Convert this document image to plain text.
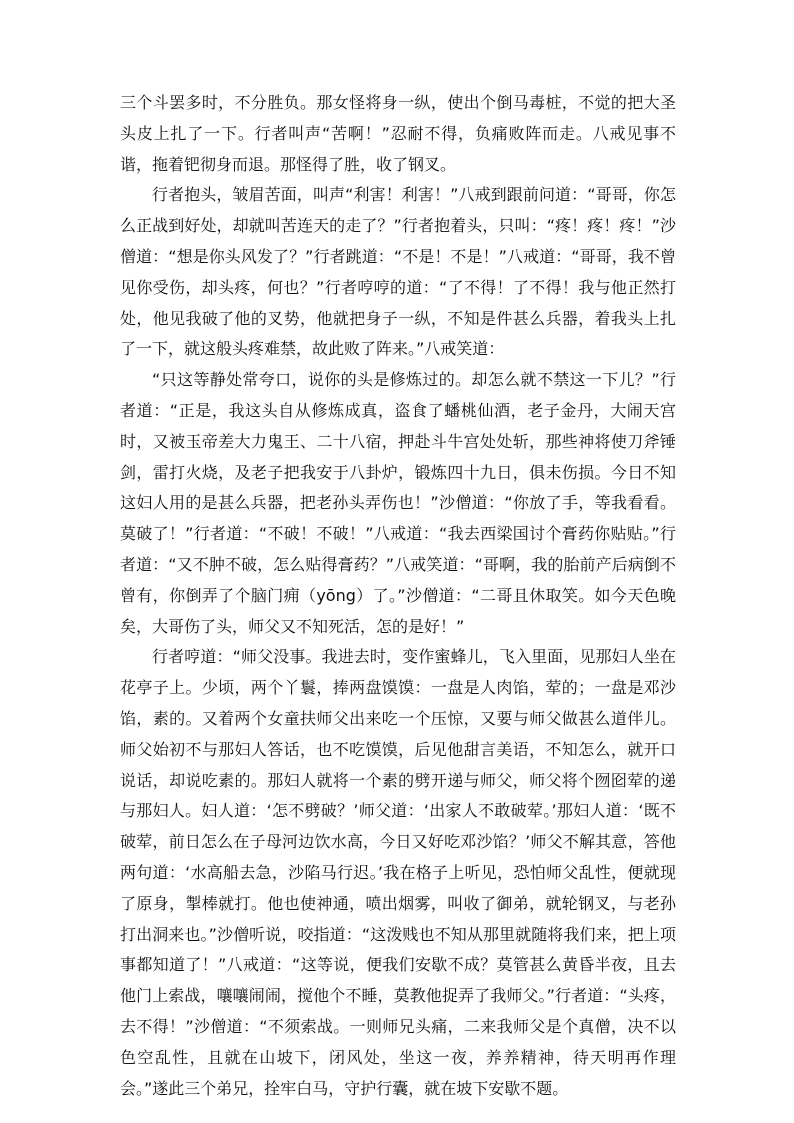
三个斗罢多时，不分胜负。那女怪将身一纵，使出个倒马毒桩，不觉的把大圣头皮上扎了一下。行者叫声“苦啊！”忍耐不得，负痛败阵而走。八戒见事不谐，拖着钯彻身而退。那怪得了胜，收了钢叉。

行者抱头，皱眉苦面，叫声“利害！利害！”八戒到跟前问道：“哥哥，你怎么正战到好处，却就叫苦连天的走了？”行者抱着头，只叫：“疼！疼！疼！”沙僧道：“想是你头风发了？”行者跳道：“不是！不是！”八戒道：“哥哥，我不曾见你受伤，却头疼，何也？”行者哼哼的道：“了不得！了不得！我与他正然打处，他见我破了他的叉势，他就把身子一纵，不知是件甚么兵器，着我头上扎了一下，就这般头疼难禁，故此败了阵来。”八戒笑道：

“只这等静处常夸口，说你的头是修炼过的。却怎么就不禁这一下儿？”行者道：“正是，我这头自从修炼成真，盗食了蟠桃仙酒，老子金丹，大闹天宫时，又被玉帝差大力鬼王、二十八宿，押赴斗牛宫处处斩，那些神将使刀斧锤剑，雷打火烧，及老子把我安于八卦炉，锻炼四十九日，俱未伤损。今日不知这妇人用的是甚么兵器，把老孙头弄伤也！”沙僧道：“你放了手，等我看看。莫破了！”行者道：“不破！不破！”八戒道：“我去西梁国讨个膏药你贴贴。”行者道：“又不肿不破，怎么贴得膏药？”八戒笑道：“哥啊，我的胎前产后病倒不曾有，你倒弄了个脑门痈（yōng）了。”沙僧道：“二哥且休取笑。如今天色晚矣，大哥伤了头，师父又不知死活，怎的是好！”

行者哼道：“师父没事。我进去时，变作蜜蜂儿，飞入里面，见那妇人坐在花亭子上。少顷，两个丫鬟，捧两盘馍馍：一盘是人肉馅，荤的；一盘是邓沙馅，素的。又着两个女童扶师父出来吃一个压惊，又要与师父做甚么道伴儿。师父始初不与那妇人答话，也不吃馍馍，后见他甜言美语，不知怎么，就开口说话，却说吃素的。那妇人就将一个素的劈开递与师父，师父将个囫囵荤的递与那妇人。妇人道：‘怎不劈破？’师父道：‘出家人不敢破荤。’那妇人道：‘既不破荤，前日怎么在子母河边饮水高，今日又好吃邓沙馅？’师父不解其意，答他两句道：‘水高船去急，沙陷马行迟。’我在格子上听见，恐怕师父乱性，便就现了原身，掣棒就打。他也使神通，喷出烟雾，叫收了御弟，就轮钢叉，与老孙打出洞来也。”沙僧听说，咬指道：“这泼贱也不知从那里就随将我们来，把上项事都知道了！”八戒道：“这等说，便我们安歇不成？莫管甚么黄昏半夜，且去他门上索战，嚷嚷闹闹，搅他个不睡，莫教他捉弄了我师父。”行者道：“头疼，去不得！”沙僧道：“不须索战。一则师兄头痛，二来我师父是个真僧，决不以色空乱性，且就在山坡下，闭风处，坐这一夜，养养精神，待天明再作理会。”遂此三个弟兄，拴牢白马，守护行囊，就在坡下安歇不题。
